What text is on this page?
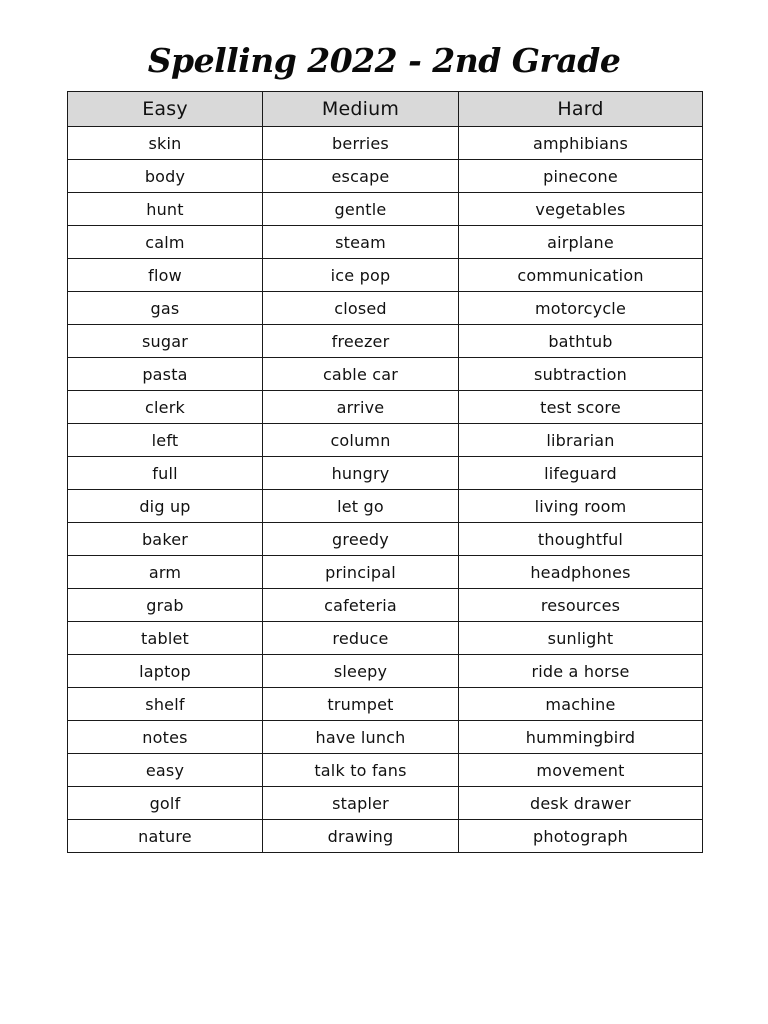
Spelling 2022 - 2nd Grade
Easy	Medium	Hard
skin	berries	amphibians
body	escape	pinecone
hunt	gentle	vegetables
calm	steam	airplane
flow	ice pop	communication
gas	closed	motorcycle
sugar	freezer	bathtub
pasta	cable car	subtraction
clerk	arrive	test score
left	column	librarian
full	hungry	lifeguard
dig up	let go	living room
baker	greedy	thoughtful
arm	principal	headphones
grab	cafeteria	resources
tablet	reduce	sunlight
laptop	sleepy	ride a horse
shelf	trumpet	machine
notes	have lunch	hummingbird
easy	talk to fans	movement
golf	stapler	desk drawer
nature	drawing	photograph
